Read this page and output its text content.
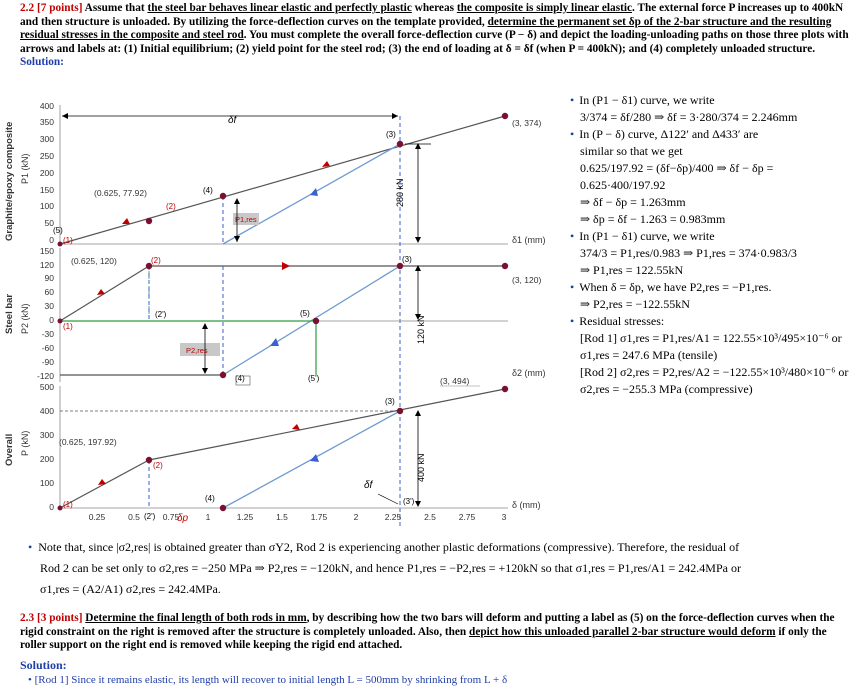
2.2 [7 points] Assume that the steel bar behaves linear elastic and perfectly plastic whereas the composite is simply linear elastic. The external force P increases up to 400kN and then structure is unloaded. By utilizing the force-deflection curves on the template provided, determine the permanent set δp of the 2-bar structure and the resulting residual stresses in the composite and steel rod. You must complete the overall force-deflection curve (P − δ) and depict the loading-unloading paths on those three plots with arrows and labels at: (1) Initial equilibrium; (2) yield point for the steel rod; (3) the end of loading at δ = δf (when P = 400kN); and (4) completely unloaded structure.
Solution:
Graphite/epoxy composite P1 (kN)
400
350
300
250
200
150
100
50
0
δf
(0.625, 77.92)
(3, 374)
(1)
(2)
(3)
(4)
(5)
P1,res
280 kN
δ1 (mm)
Steel bar P2 (kN)
150
120
90
60
30
0
-30
-60
-90
-120
(0.625, 120)
(3, 120)
(3, 494)
(1)
(2)
(2')
(3)
(4)
(5)
(5')
P2,res
120 kN
δ2 (mm)
Overall P (kN)
500
400
300
200
100
0
0.25	0.5	0.75	1	1.25	1.5	1.75	2	2.25	2.5	2.75	3
(0.625, 197.92)
(1)
(2)
(2')
(3)
(3')
(4)
400 kN
δf
δp
δ (mm)
• In (P1 − δ1) curve, we write
3/374 = δf/280 ⇒ δf = 3·280/374 = 2.246mm
• In (P − δ) curve, Δ122′ and Δ433′ are
similar so that we get
0.625/197.92 = (δf−δp)/400 ⇒ δf − δp = 0.625·400/197.92
⇒ δf − δp = 1.263mm
⇒ δp = δf − 1.263 = 0.983mm
• In (P1 − δ1) curve, we write
374/3 = P1,res/0.983 ⇒ P1,res = 374·0.983/3
⇒ P1,res = 122.55kN
• When δ = δp, we have P2,res = −P1,res.
⇒ P2,res = −122.55kN
• Residual stresses:
[Rod 1] σ1,res = P1,res/A1 = 122.55×10³/495×10⁻⁶ or
σ1,res = 247.6 MPa (tensile)
[Rod 2] σ2,res = P2,res/A2 = −122.55×10³/480×10⁻⁶ or
σ2,res = −255.3 MPa (compressive)
• Note that, since |σ2,res| is obtained greater than σY2, Rod 2 is experiencing another plastic deformations (compressive). Therefore, the residual of
Rod 2 can be set only to σ2,res = −250 MPa ⇒ P2,res = −120kN, and hence P1,res = −P2,res = +120kN so that σ1,res = P1,res/A1 = 242.4MPa or
σ1,res = (A2/A1) σ2,res = 242.4MPa.
2.3 [3 points] Determine the final length of both rods in mm, by describing how the two bars will deform and putting a label as (5) on the force-deflection curves when the rigid constraint on the right is removed after the structure is completely unloaded. Also, then depict how this unloaded parallel 2-bar structure would deform if only the roller support on the right end is removed while keeping the rigid end attached.
Solution:
• [Rod 1] Since it remains elastic, its length will recover to initial length L = 500mm by shrinking from L + δ
